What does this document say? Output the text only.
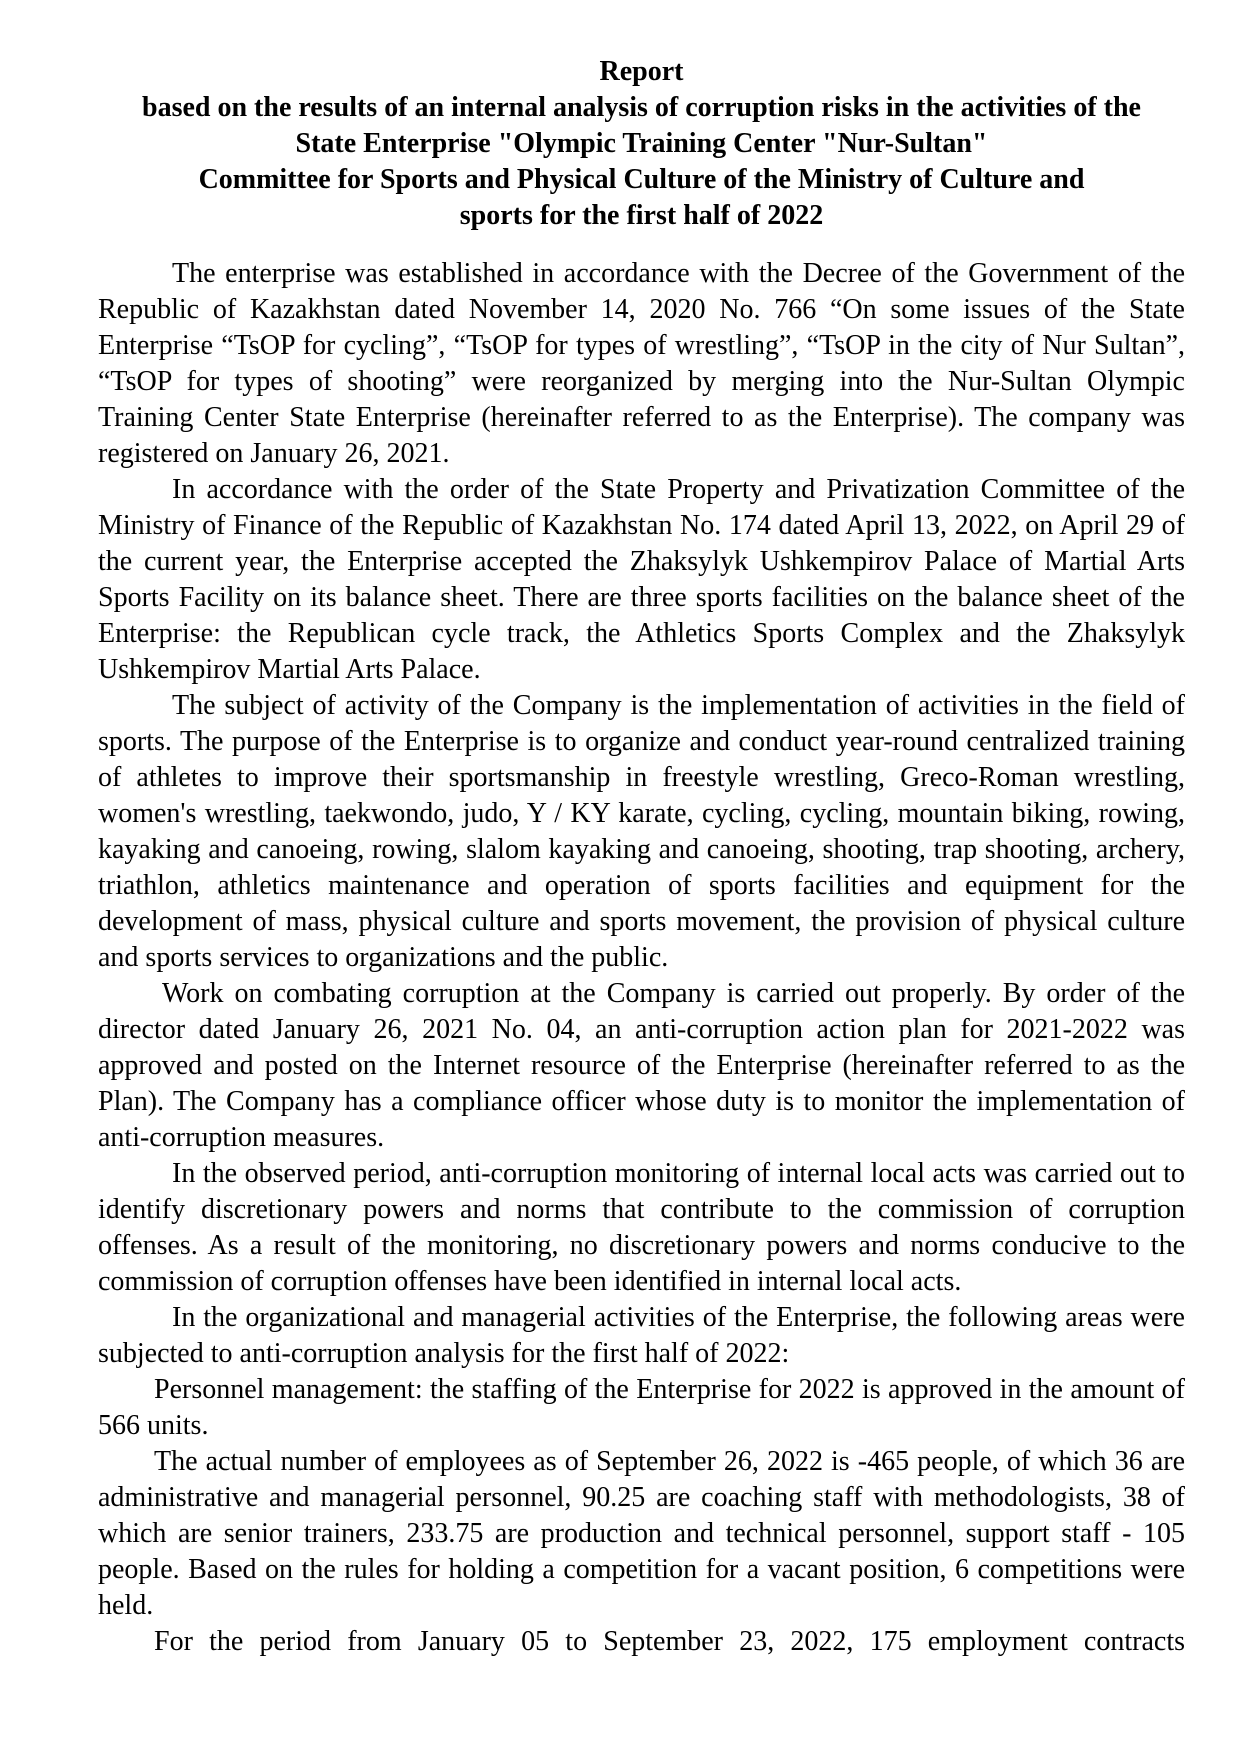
Report
based on the results of an internal analysis of corruption risks in the activities of the
State Enterprise "Olympic Training Center "Nur-Sultan"
Committee for Sports and Physical Culture of the Ministry of Culture and
sports for the first half of 2022

The enterprise was established in accordance with the Decree of the Government of the Republic of Kazakhstan dated November 14, 2020 No. 766 “On some issues of the State Enterprise “TsOP for cycling”, “TsOP for types of wrestling”, “TsOP in the city of Nur Sultan”, “TsOP for types of shooting” were reorganized by merging into the Nur-Sultan Olympic Training Center State Enterprise (hereinafter referred to as the Enterprise). The company was registered on January 26, 2021.

In accordance with the order of the State Property and Privatization Committee of the Ministry of Finance of the Republic of Kazakhstan No. 174 dated April 13, 2022, on April 29 of the current year, the Enterprise accepted the Zhaksylyk Ushkempirov Palace of Martial Arts Sports Facility on its balance sheet. There are three sports facilities on the balance sheet of the Enterprise: the Republican cycle track, the Athletics Sports Complex and the Zhaksylyk Ushkempirov Martial Arts Palace.

The subject of activity of the Company is the implementation of activities in the field of sports. The purpose of the Enterprise is to organize and conduct year-round centralized training of athletes to improve their sportsmanship in freestyle wrestling, Greco-Roman wrestling, women's wrestling, taekwondo, judo, Y / KY karate, cycling, cycling, mountain biking, rowing, kayaking and canoeing, rowing, slalom kayaking and canoeing, shooting, trap shooting, archery, triathlon, athletics maintenance and operation of sports facilities and equipment for the development of mass, physical culture and sports movement, the provision of physical culture and sports services to organizations and the public.

Work on combating corruption at the Company is carried out properly. By order of the director dated January 26, 2021 No. 04, an anti-corruption action plan for 2021-2022 was approved and posted on the Internet resource of the Enterprise (hereinafter referred to as the Plan). The Company has a compliance officer whose duty is to monitor the implementation of anti-corruption measures.

In the observed period, anti-corruption monitoring of internal local acts was carried out to identify discretionary powers and norms that contribute to the commission of corruption offenses. As a result of the monitoring, no discretionary powers and norms conducive to the commission of corruption offenses have been identified in internal local acts.

In the organizational and managerial activities of the Enterprise, the following areas were subjected to anti-corruption analysis for the first half of 2022:

Personnel management: the staffing of the Enterprise for 2022 is approved in the amount of 566 units.

The actual number of employees as of September 26, 2022 is -465 people, of which 36 are administrative and managerial personnel, 90.25 are coaching staff with methodologists, 38 of which are senior trainers, 233.75 are production and technical personnel, support staff - 105 people. Based on the rules for holding a competition for a vacant position, 6 competitions were held.

For the period from January 05 to September 23, 2022, 175 employment contracts
